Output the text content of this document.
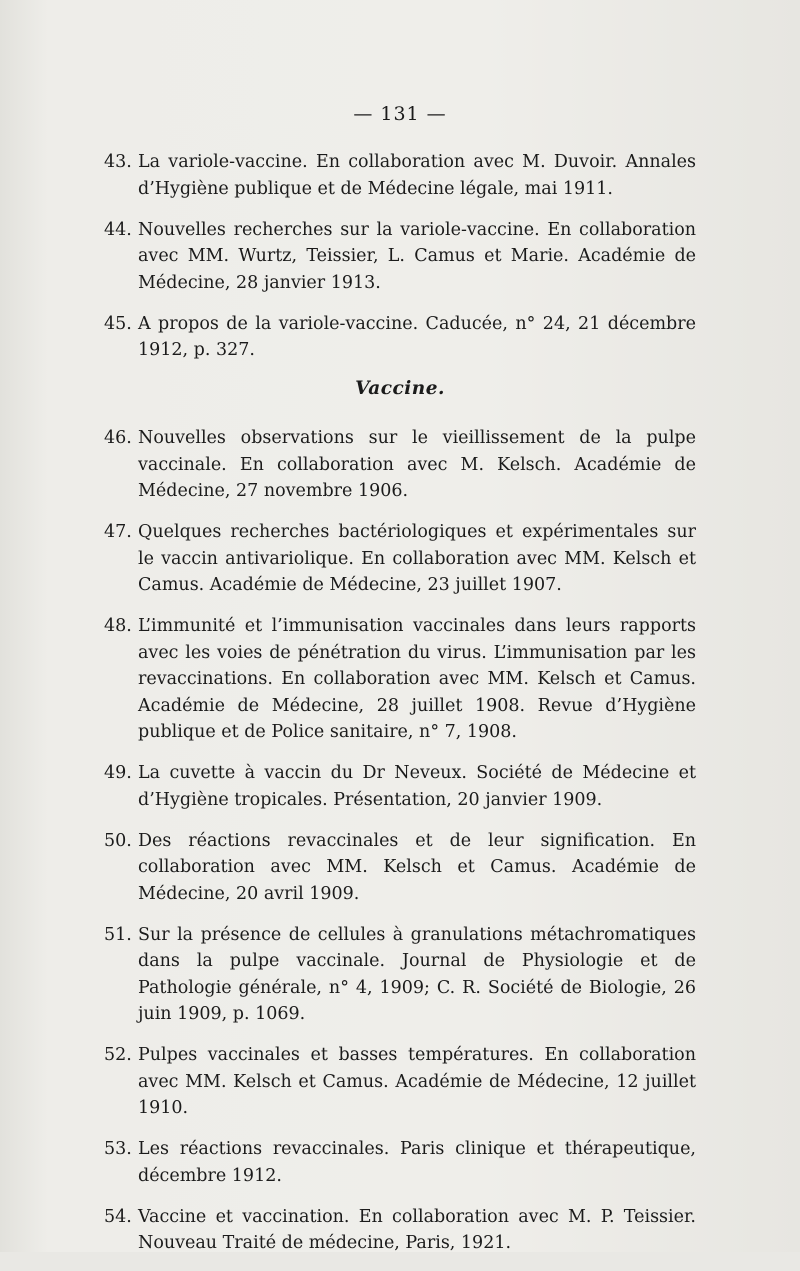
— 131 —
43. La variole-vaccine. En collaboration avec M. Duvoir. Annales d’Hygiène publique et de Médecine légale, mai 1911.
44. Nouvelles recherches sur la variole-vaccine. En collaboration avec MM. Wurtz, Teissier, L. Camus et Marie. Académie de Médecine, 28 janvier 1913.
45. A propos de la variole-vaccine. Caducée, n° 24, 21 décembre 1912, p. 327.
Vaccine.
46. Nouvelles observations sur le vieillissement de la pulpe vaccinale. En collaboration avec M. Kelsch. Académie de Médecine, 27 novembre 1906.
47. Quelques recherches bactériologiques et expérimentales sur le vaccin antivariolique. En collaboration avec MM. Kelsch et Camus. Académie de Médecine, 23 juillet 1907.
48. L’immunité et l’immunisation vaccinales dans leurs rapports avec les voies de pénétration du virus. L’immunisation par les revaccinations. En collaboration avec MM. Kelsch et Camus. Académie de Médecine, 28 juillet 1908. Revue d’Hygiène publique et de Police sanitaire, n° 7, 1908.
49. La cuvette à vaccin du Dr Neveux. Société de Médecine et d’Hygiène tropicales. Présentation, 20 janvier 1909.
50. Des réactions revaccinales et de leur signification. En collaboration avec MM. Kelsch et Camus. Académie de Médecine, 20 avril 1909.
51. Sur la présence de cellules à granulations métachromatiques dans la pulpe vaccinale. Journal de Physiologie et de Pathologie générale, n° 4, 1909; C. R. Société de Biologie, 26 juin 1909, p. 1069.
52. Pulpes vaccinales et basses températures. En collaboration avec MM. Kelsch et Camus. Académie de Médecine, 12 juillet 1910.
53. Les réactions revaccinales. Paris clinique et thérapeutique, décembre 1912.
54. Vaccine et vaccination. En collaboration avec M. P. Teissier. Nouveau Traité de médecine, Paris, 1921.
